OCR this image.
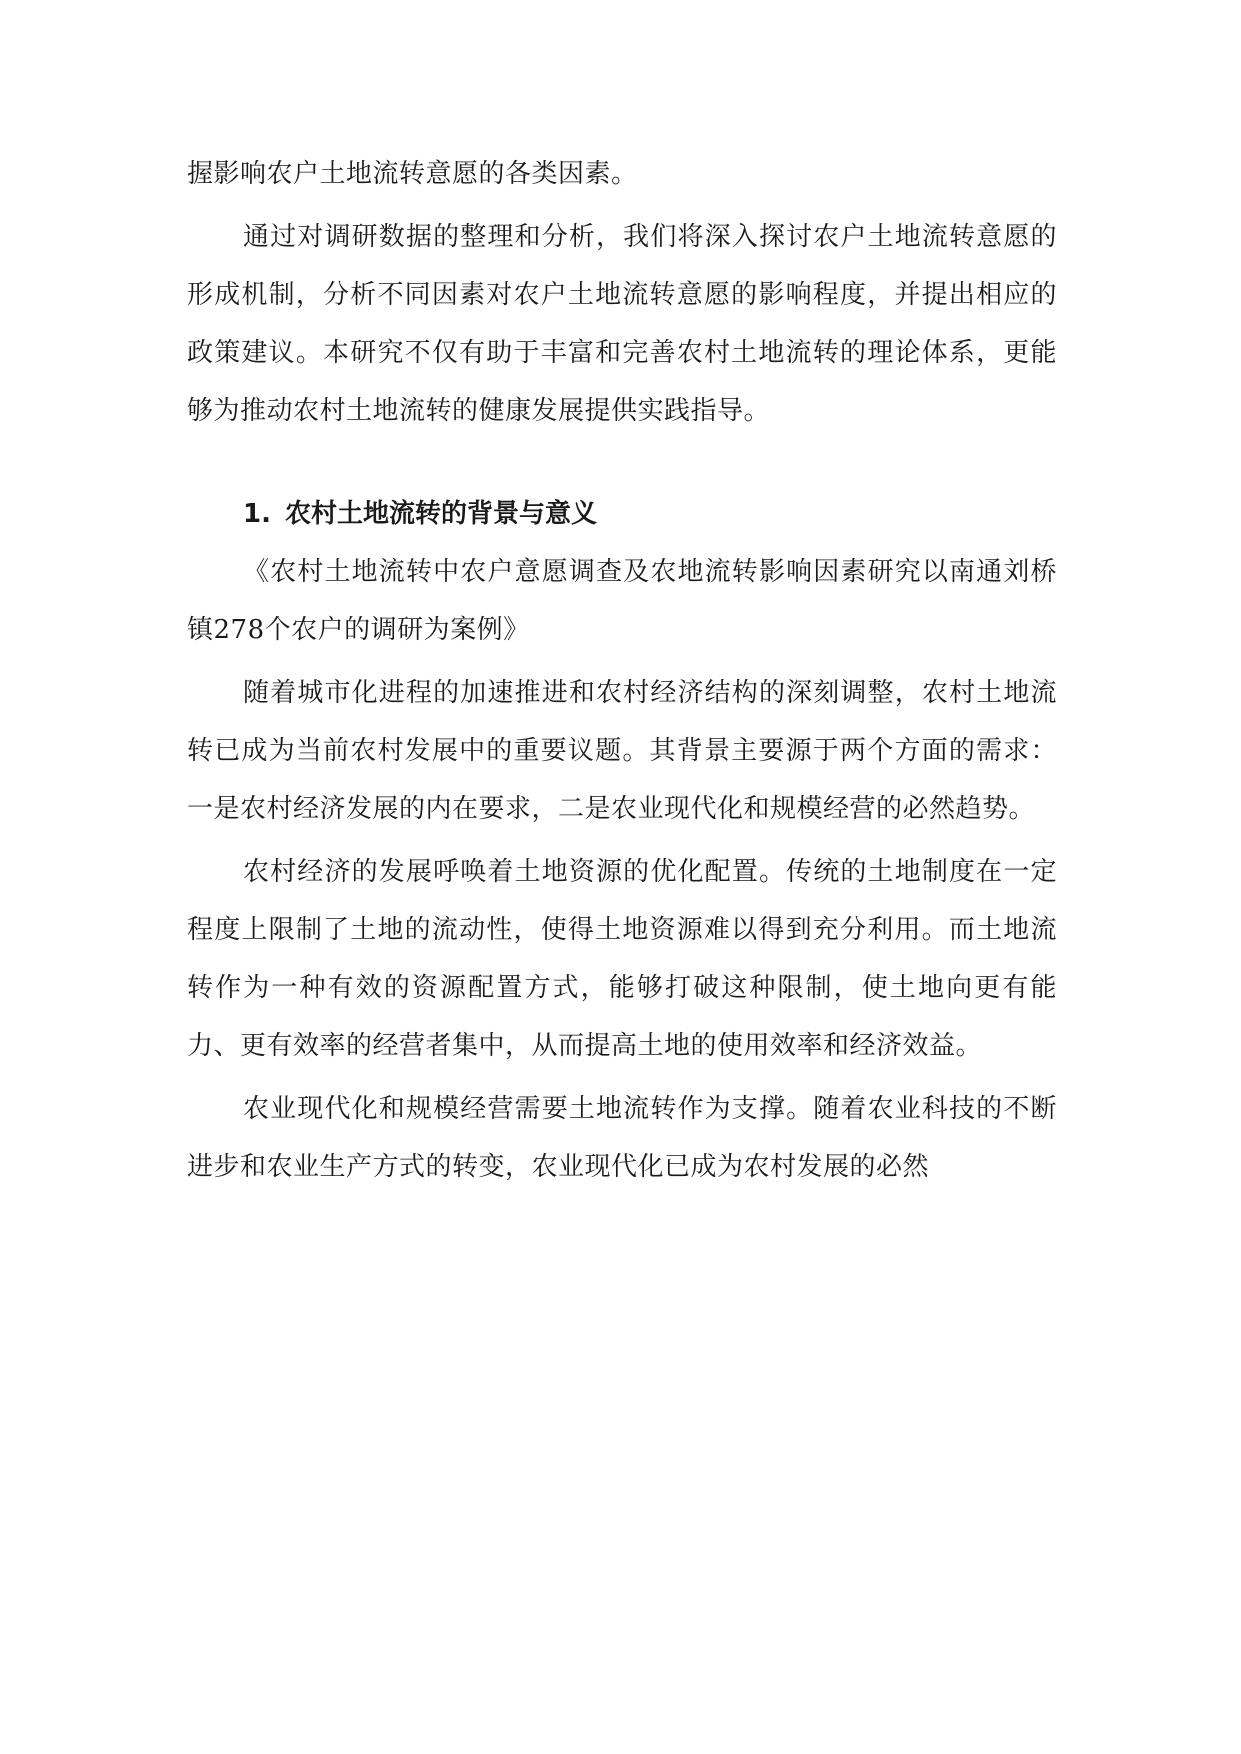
握影响农户土地流转意愿的各类因素。

通过对调研数据的整理和分析，我们将深入探讨农户土地流转意愿的形成机制，分析不同因素对农户土地流转意愿的影响程度，并提出相应的政策建议。本研究不仅有助于丰富和完善农村土地流转的理论体系，更能够为推动农村土地流转的健康发展提供实践指导。

1. 农村土地流转的背景与意义

《农村土地流转中农户意愿调查及农地流转影响因素研究以南通刘桥镇278个农户的调研为案例》

随着城市化进程的加速推进和农村经济结构的深刻调整，农村土地流转已成为当前农村发展中的重要议题。其背景主要源于两个方面的需求：一是农村经济发展的内在要求，二是农业现代化和规模经营的必然趋势。

农村经济的发展呼唤着土地资源的优化配置。传统的土地制度在一定程度上限制了土地的流动性，使得土地资源难以得到充分利用。而土地流转作为一种有效的资源配置方式，能够打破这种限制，使土地向更有能力、更有效率的经营者集中，从而提高土地的使用效率和经济效益。

农业现代化和规模经营需要土地流转作为支撑。随着农业科技的不断进步和农业生产方式的转变，农业现代化已成为农村发展的必然
